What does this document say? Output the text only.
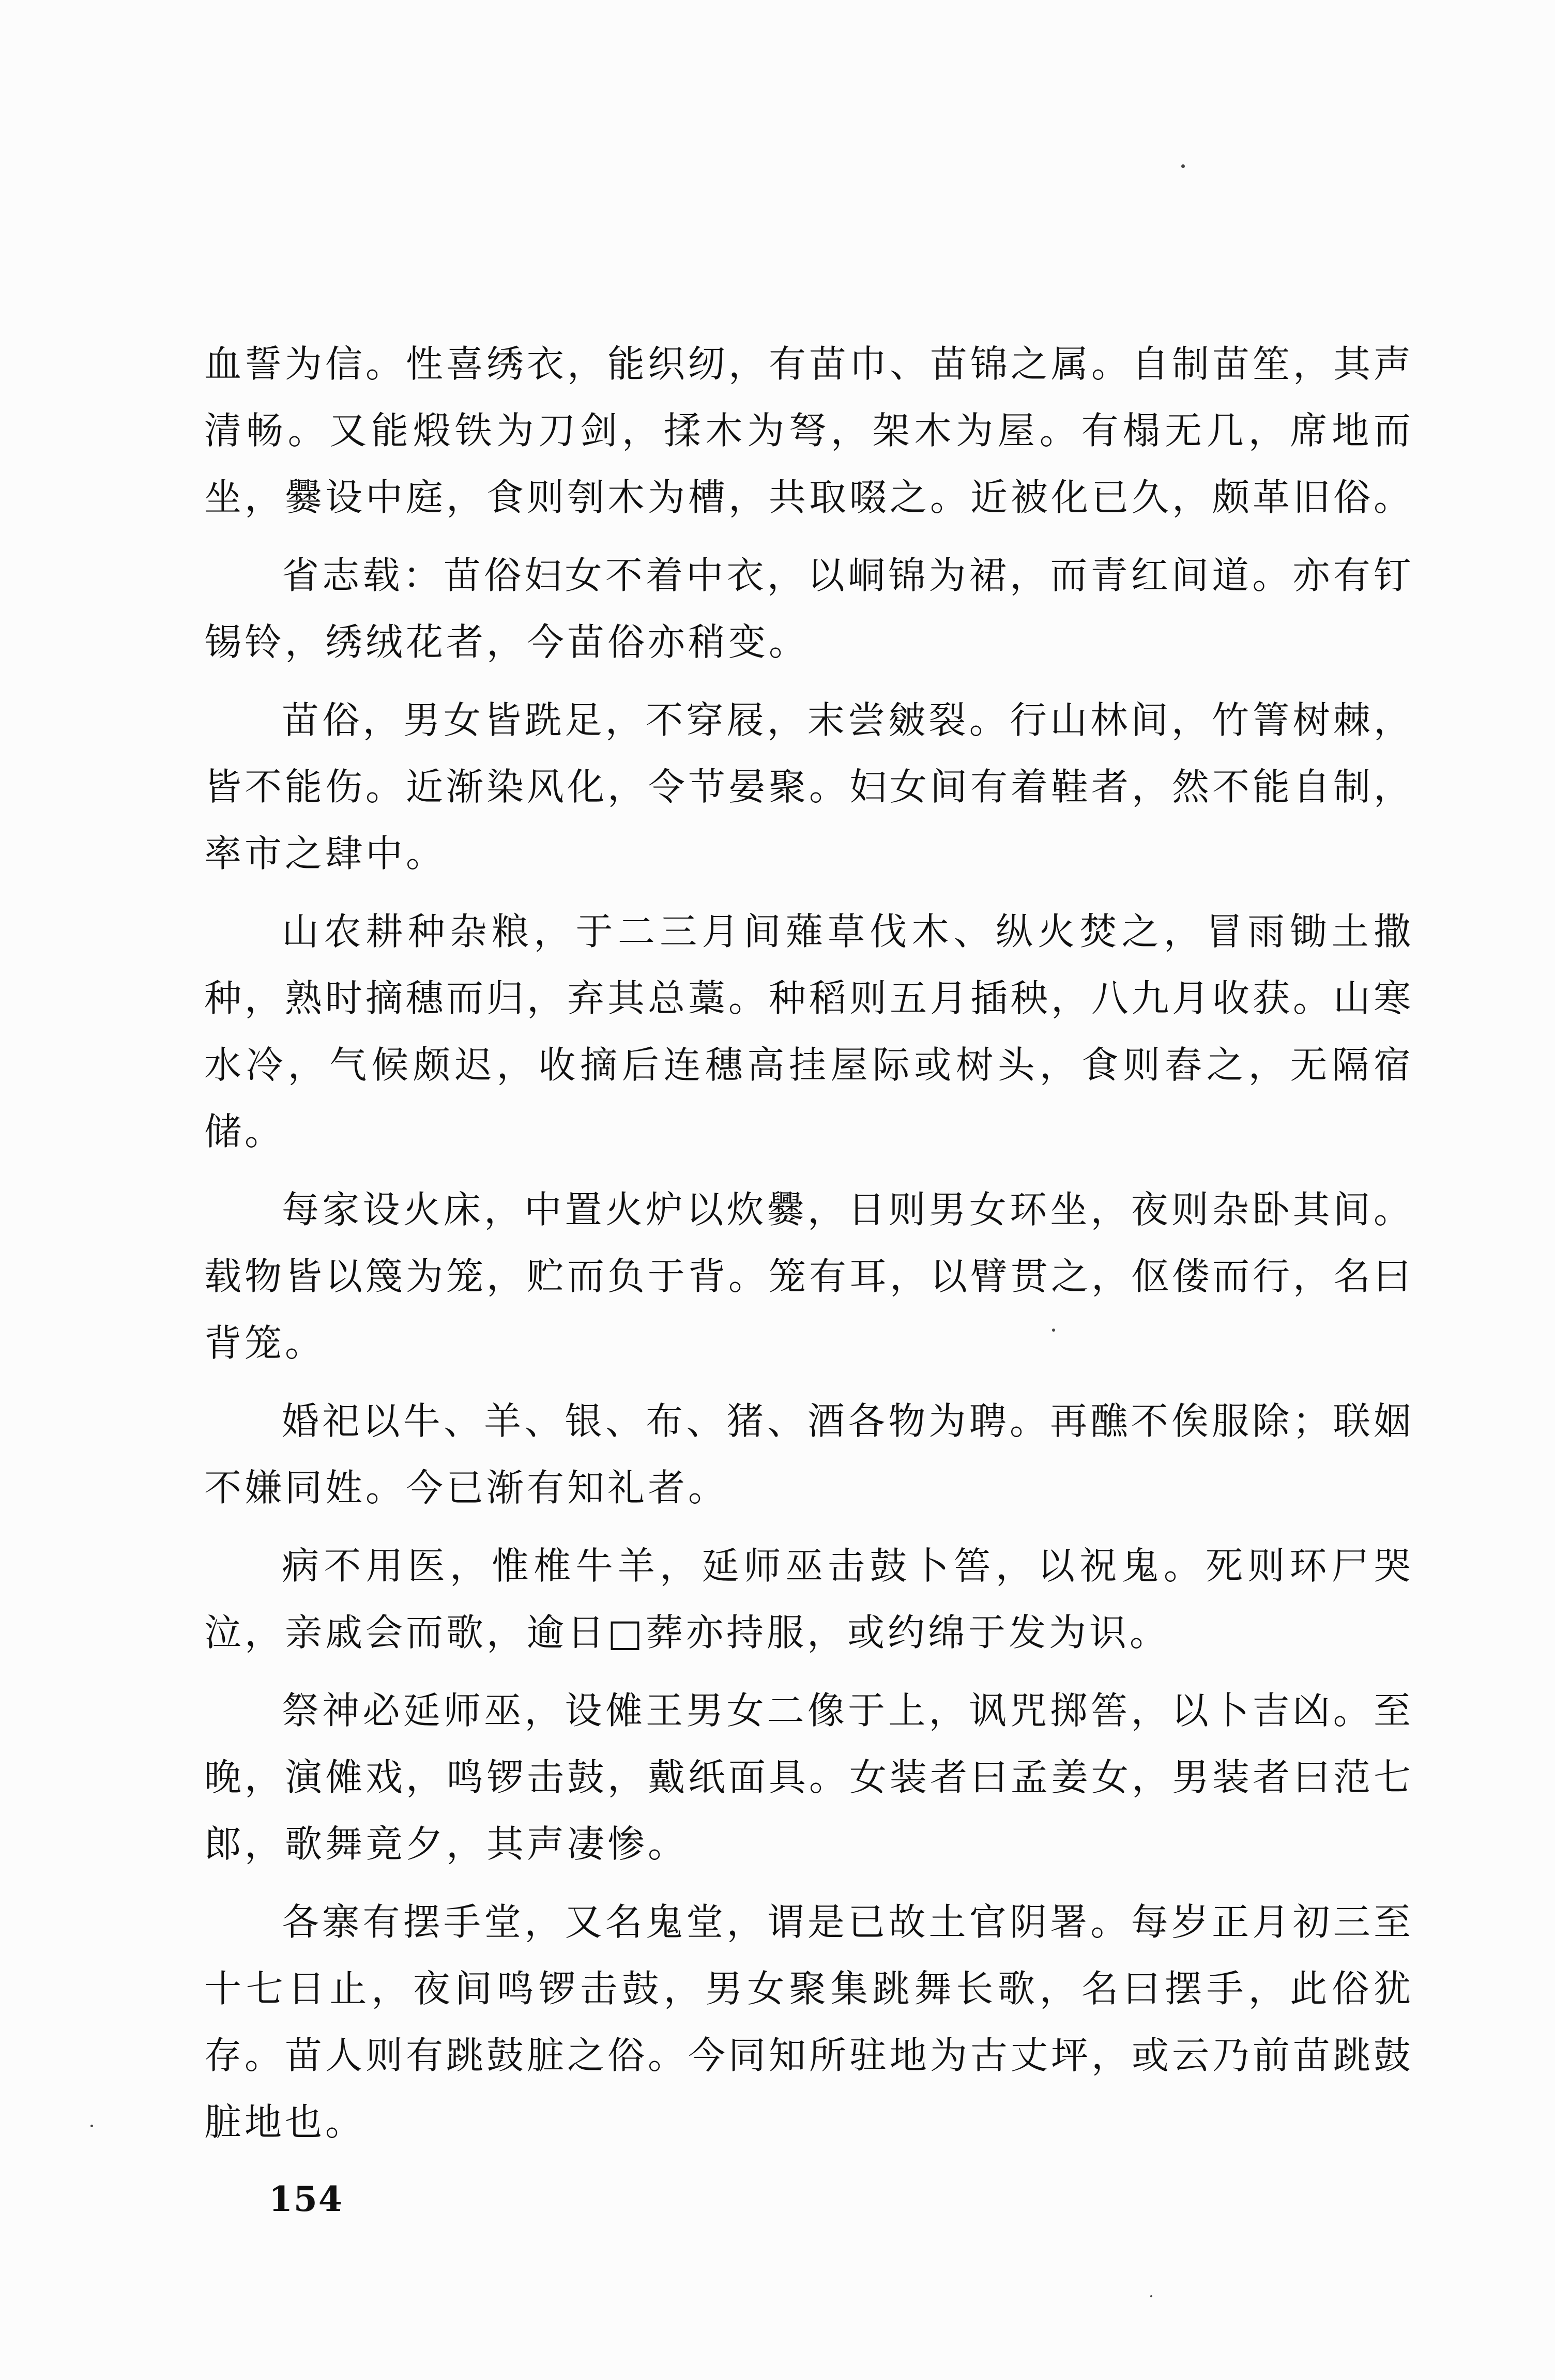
血誓为信。性喜绣衣，能织纫，有苗巾、苗锦之属。自制苗笙，其声清畅。又能煅铁为刀剑，揉木为弩，架木为屋。有榻无几，席地而坐，爨设中庭，食则刳木为槽，共取啜之。近被化已久，颇革旧俗。

省志载：苗俗妇女不着中衣，以峒锦为裙，而青红间道。亦有钉锡铃，绣绒花者，今苗俗亦稍变。

苗俗，男女皆跣足，不穿屐，末尝皴裂。行山林间，竹箐树棘，皆不能伤。近渐染风化，令节晏聚。妇女间有着鞋者，然不能自制，率市之肆中。

山农耕种杂粮，于二三月间薙草伐木、纵火焚之，冒雨锄土撒种，熟时摘穗而归，弃其总藁。种稻则五月插秧，八九月收获。山寒水冷，气候颇迟，收摘后连穗高挂屋际或树头，食则舂之，无隔宿储。

每家设火床，中置火炉以炊爨，日则男女环坐，夜则杂卧其间。载物皆以篾为笼，贮而负于背。笼有耳，以臂贯之，伛偻而行，名曰背笼。

婚祀以牛、羊、银、布、猪、酒各物为聘。再醮不俟服除；联姻不嫌同姓。今已渐有知礼者。

病不用医，惟椎牛羊，延师巫击鼓卜筶，以祝鬼。死则环尸哭泣，亲戚会而歌，逾日□葬亦持服，或约绵于发为识。

祭神必延师巫，设傩王男女二像于上，讽咒掷筶，以卜吉凶。至晚，演傩戏，鸣锣击鼓，戴纸面具。女装者曰孟姜女，男装者曰范七郎，歌舞竟夕，其声凄惨。

各寨有摆手堂，又名鬼堂，谓是已故土官阴署。每岁正月初三至十七日止，夜间鸣锣击鼓，男女聚集跳舞长歌，名曰摆手，此俗犹存。苗人则有跳鼓脏之俗。今同知所驻地为古丈坪，或云乃前苗跳鼓脏地也。

154
